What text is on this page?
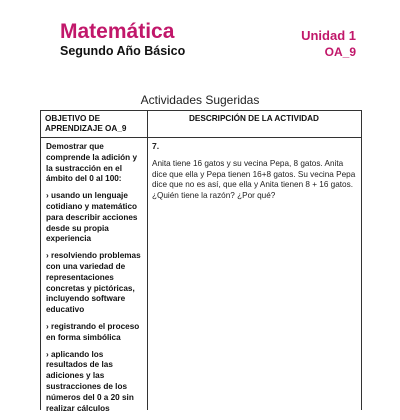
Matemática
Segundo Año Básico
Unidad 1
OA_9
Actividades Sugeridas
OBJETIVO DE APRENDIZAJE OA_9
DESCRIPCIÓN DE LA ACTIVIDAD

Demostrar que comprende la adición y la sustracción en el ámbito del 0 al 100:

› usando un lenguaje cotidiano y matemático para describir acciones desde su propia experiencia

› resolviendo problemas con una variedad de representaciones concretas y pictóricas, incluyendo software educativo

› registrando el proceso en forma simbólica

› aplicando los resultados de las adiciones y las sustracciones de los números del 0 a 20 sin realizar cálculos

7.
Anita tiene 16 gatos y su vecina Pepa, 8 gatos. Anita dice que ella y Pepa tienen 16+8 gatos. Su vecina Pepa dice que no es así, que ella y Anita tienen 8 + 16 gatos. ¿Quién tiene la razón? ¿Por qué?
